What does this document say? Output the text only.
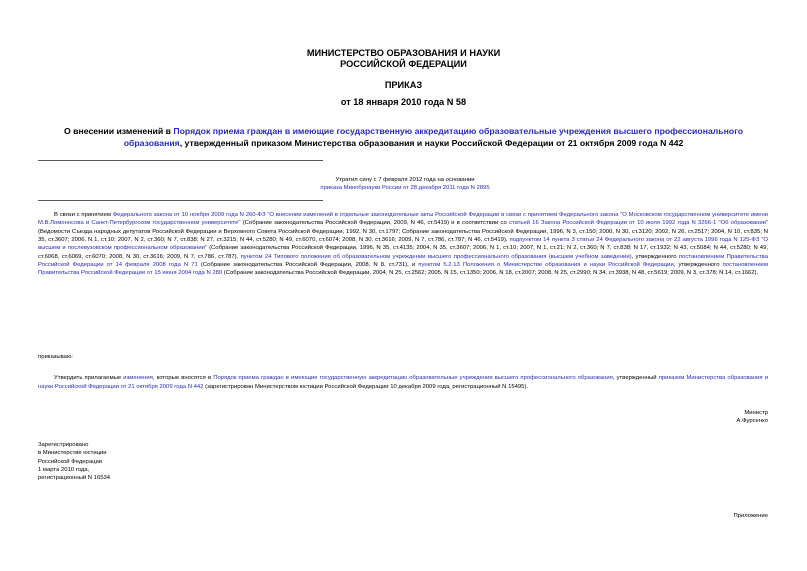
МИНИСТЕРСТВО ОБРАЗОВАНИЯ И НАУКИ
РОССИЙСКОЙ ФЕДЕРАЦИИ
ПРИКАЗ
от 18 января 2010 года N 58
О внесении изменений в Порядок приема граждан в имеющие государственную аккредитацию образовательные учреждения высшего профессионального образования, утвержденный приказом Министерства образования и науки Российской Федерации от 21 октября 2009 года N 442
Утратил силу с 7 февраля 2012 года на основании
приказа Минобрнауки России от 28 декабря 2011 года N 2895
В связи с принятием Федерального закона от 10 ноября 2009 года N 260-ФЗ "О внесении изменений в отдельные законодательные акты Российской Федерации в связи с принятием Федерального закона "О Московском государственном университете имени М.В.Ломоносова и Санкт-Петербургском государственном университете" (Собрание законодательства Российской Федерации, 2009, N 46, ст.5419) и в соответствии со статьей 16 Закона Российской Федерации от 10 июля 1992 года N 3266-1 "Об образовании" (Ведомости Съезда народных депутатов Российской Федерации и Верховного Совета Российской Федерации, 1992, N 30, ст.1797; Собрание законодательства Российской Федерации, 1996, N 3, ст.150; 2000, N 30, ст.3120; 2002, N 26, ст.2517; 2004, N 10, ст.835; N 35, ст.3607; 2006, N 1, ст.10; 2007, N 2, ст.360; N 7, ст.838; N 27, ст.3215; N 44, ст.5280; N 49, ст.6070, ст.6074; 2008, N 30, ст.3616; 2009, N 7, ст.786, ст.787; N 46, ст.5419), подпунктом 14 пункта 3 статьи 24 Федерального закона от 22 августа 1996 года N 125-ФЗ "О высшем и послевузовском профессиональном образовании" (Собрание законодательства Российской Федерации, 1996, N 35, ст.4135; 2004, N 35, ст.3607; 2006, N 1, ст.10; 2007, N 1, ст.21; N 2, ст.360; N 7, ст.838; N 17, ст.1932; N 43, ст.5084; N 44, ст.5280; N 49, ст.6068, ст.6069, ст.6070; 2008, N 30, ст.3616; 2009, N 7, ст.786, ст.787), пунктом 24 Типового положения об образовательном учреждении высшего профессионального образования (высшем учебном заведении), утвержденного постановлением Правительства Российской Федерации от 14 февраля 2008 года N 71 (Собрание законодательства Российской Федерации, 2008, N 8, ст.731), и пунктом 5.2.13 Положения о Министерстве образования и науки Российской Федерации, утвержденного постановлением Правительства Российской Федерации от 15 июня 2004 года N 280 (Собрание законодательства Российской Федерации, 2004, N 25, ст.2562; 2005, N 15, ст.1350; 2006, N 18, ст.2007; 2008, N 25, ст.2990; N 34, ст.3938, N 48, ст.5619; 2009, N 3, ст.378; N 14, ст.1662),
приказываю:
Утвердить прилагаемые изменения, которые вносятся в Порядок приема граждан в имеющие государственную аккредитацию образовательные учреждения высшего профессионального образования, утвержденный приказом Министерства образования и науки Российской Федерации от 21 октября 2009 года N 442 (зарегистрирован Министерством юстиции Российской Федерации 10 декабря 2009 года, регистрационный N 15495).
Министр
А.Фурсенко
Зарегистрировано
в Министерстве юстиции
Российской Федерации
1 марта 2010 года,
регистрационный N 16534
Приложение
